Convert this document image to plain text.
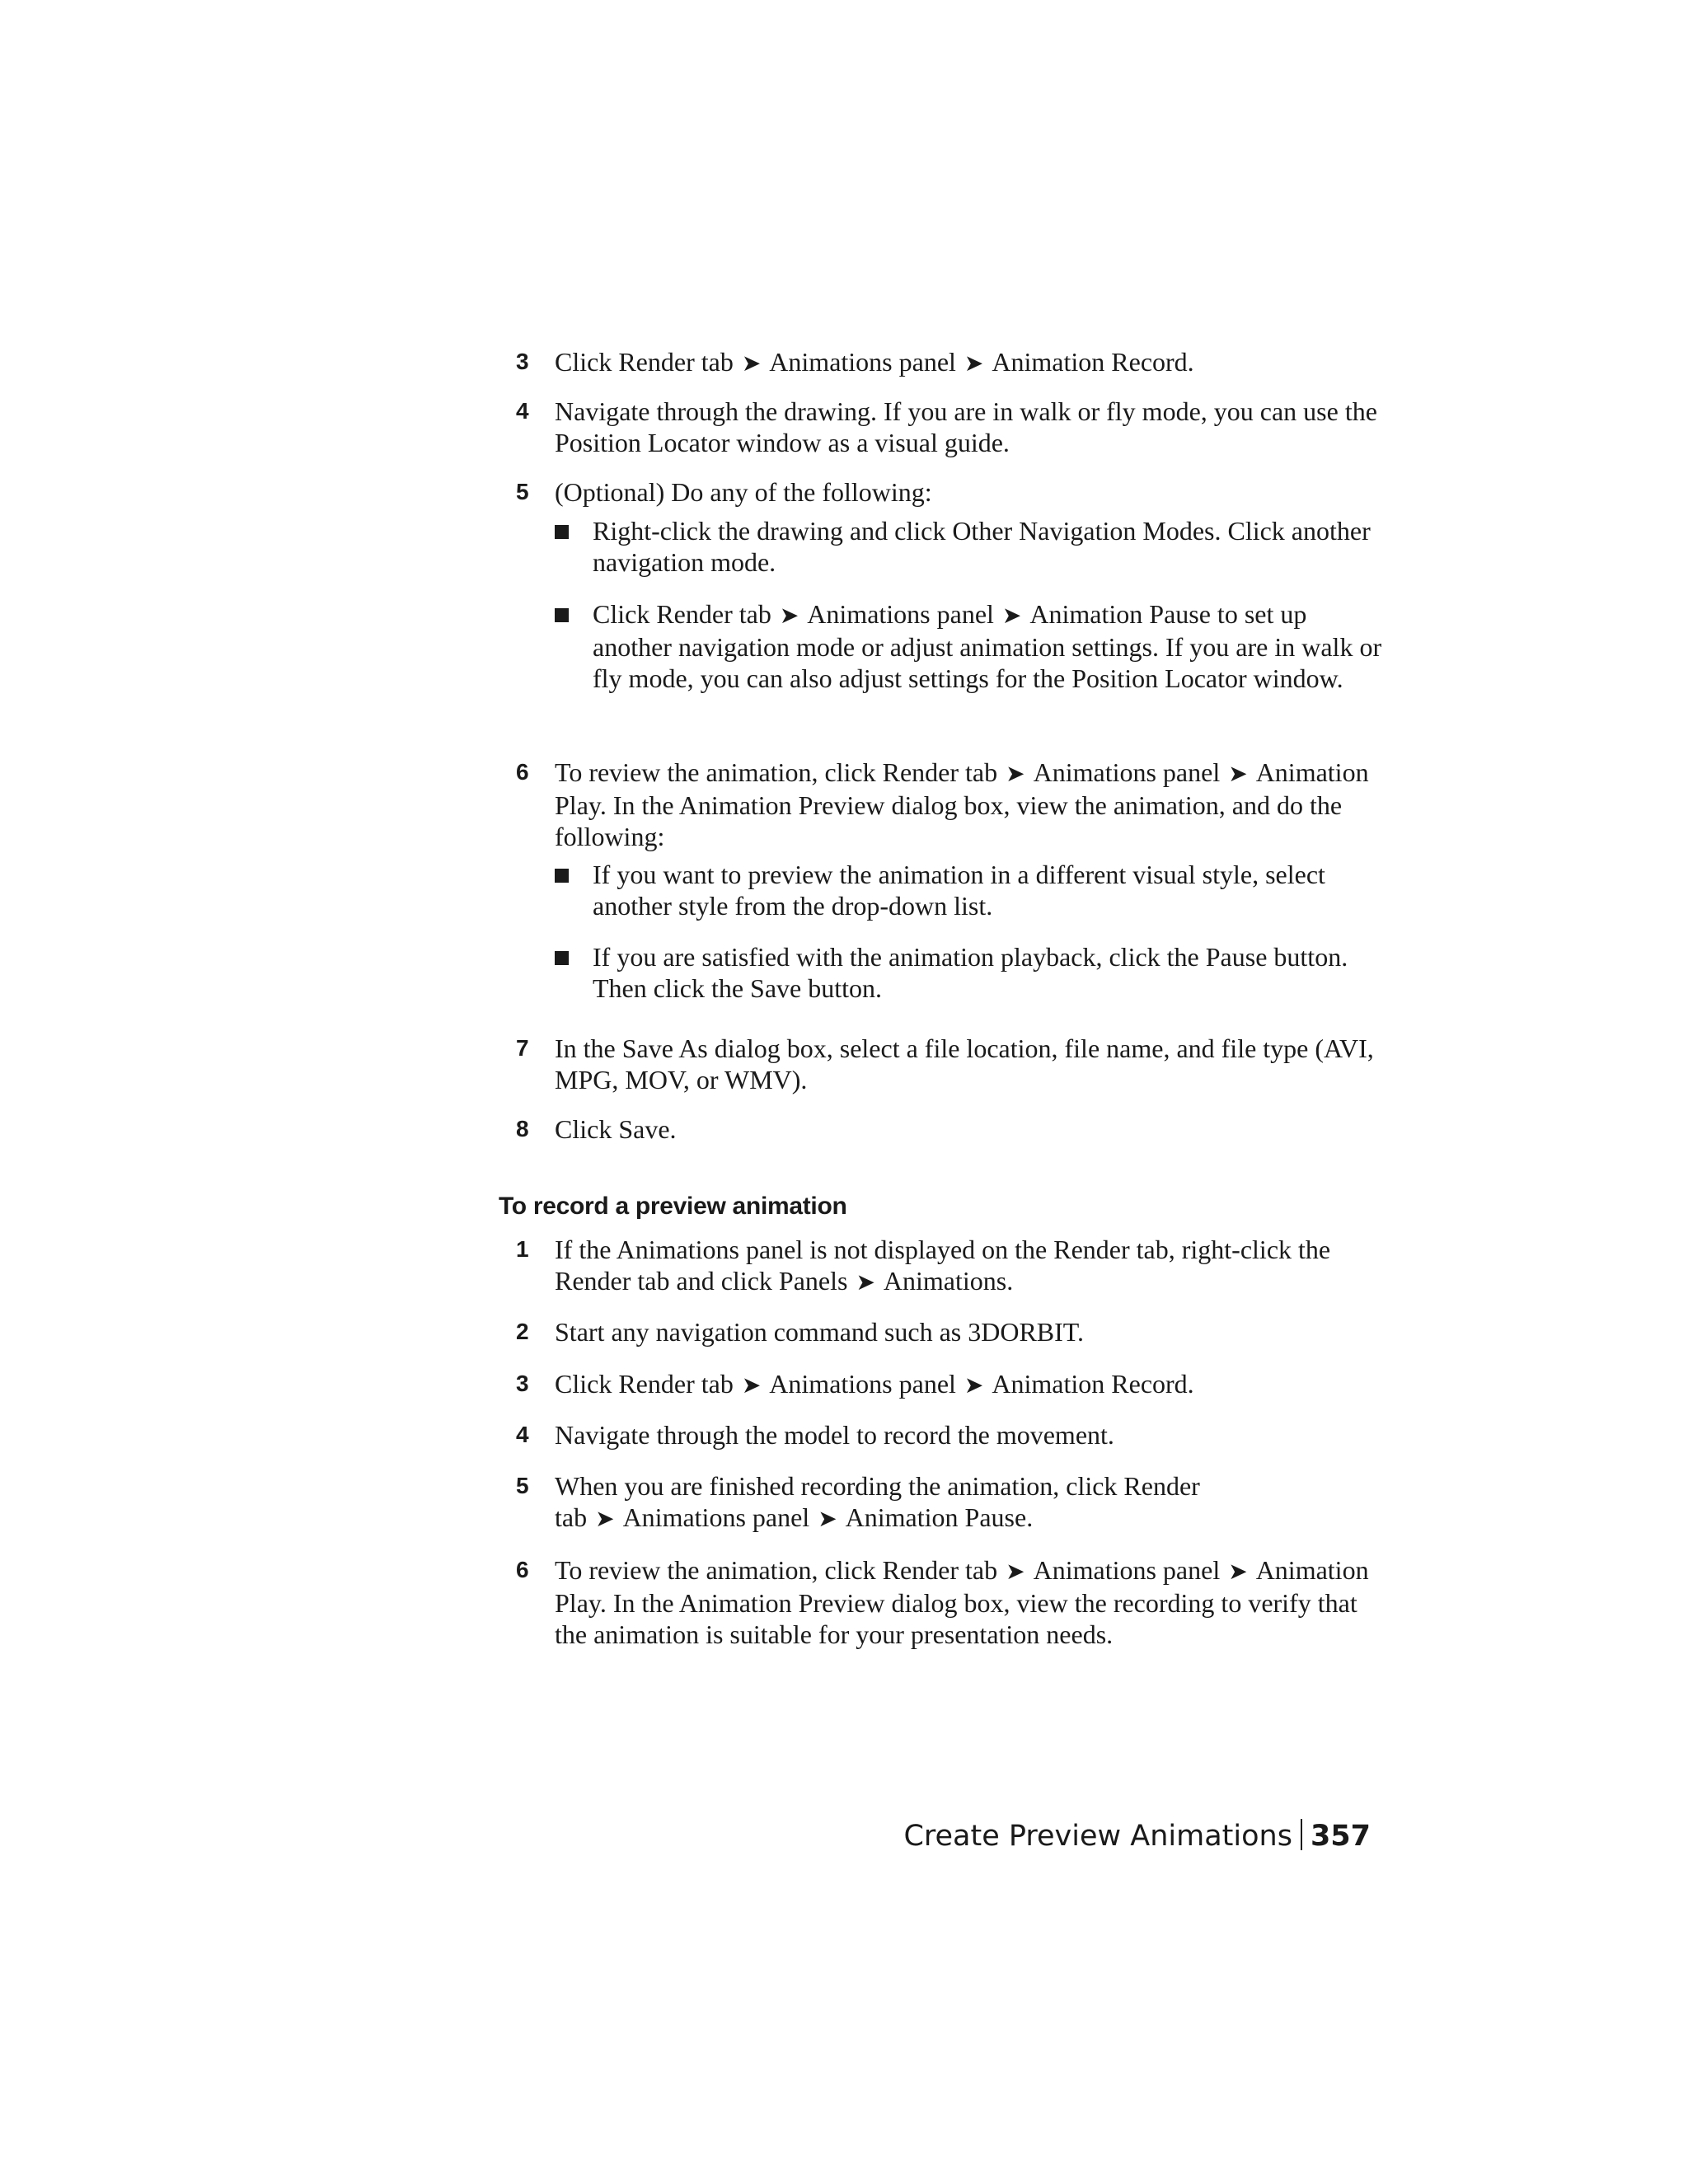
3 Click Render tab ➤ Animations panel ➤ Animation Record.
4 Navigate through the drawing. If you are in walk or fly mode, you can use the Position Locator window as a visual guide.
5 (Optional) Do any of the following:
Right-click the drawing and click Other Navigation Modes. Click another navigation mode.
Click Render tab ➤ Animations panel ➤ Animation Pause to set up another navigation mode or adjust animation settings. If you are in walk or fly mode, you can also adjust settings for the Position Locator window.
6 To review the animation, click Render tab ➤ Animations panel ➤ Animation Play. In the Animation Preview dialog box, view the animation, and do the following:
If you want to preview the animation in a different visual style, select another style from the drop-down list.
If you are satisfied with the animation playback, click the Pause button. Then click the Save button.
7 In the Save As dialog box, select a file location, file name, and file type (AVI, MPG, MOV, or WMV).
8 Click Save.
To record a preview animation
1 If the Animations panel is not displayed on the Render tab, right-click the Render tab and click Panels ➤ Animations.
2 Start any navigation command such as 3DORBIT.
3 Click Render tab ➤ Animations panel ➤ Animation Record.
4 Navigate through the model to record the movement.
5 When you are finished recording the animation, click Render tab ➤ Animations panel ➤ Animation Pause.
6 To review the animation, click Render tab ➤ Animations panel ➤ Animation Play. In the Animation Preview dialog box, view the recording to verify that the animation is suitable for your presentation needs.
Create Preview Animations 357
